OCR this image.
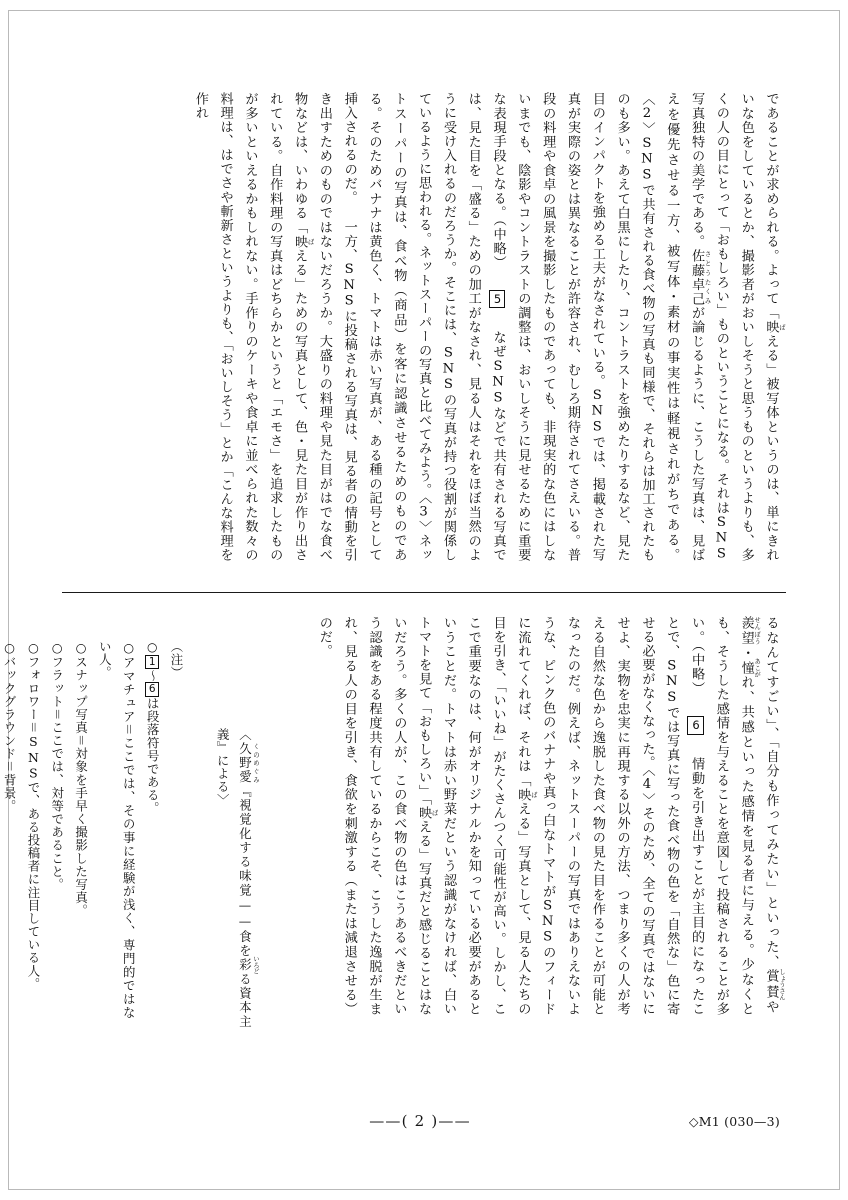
であることが求められる。よって「映 ばえる」被写体というのは、単にきれいな色をしているとか、撮影者がおいしそうと思うものというよりも、多くの人の目にとって「おもしろい」ものということになる。それはSNS写真独特の美学である。佐藤卓己 さとうたくみが論じるように、こうした写真は、見ばえを優先させる一方、被写体・素材の事実性は軽視されがちである。 〈2〉SNSで共有される食べ物の写真も同様で、それらは加工されたものも多い。あえて白黒にしたり、コントラストを強めたりするなど、見た目のインパクトを強める工夫がなされている。SNSでは、掲載された写真が実際の姿とは異なることが許容され、むしろ期待されてさえいる。普段の料理や食卓の風景を撮影したものであっても、非現実的な色にはしないまでも、陰影やコントラストの調整は、おいしそうに見せるために重要な表現手段となる。（中略） 5 なぜSNSなどで共有される写真では、見た目を「盛る」ための加工がなされ、見る人はそれをほぼ当然のように受け入れるのだろうか。そこには、SNSの写真が持つ役割が関係しているように思われる。ネットスーパーの写真と比べてみよう。〈3〉ネットスーパーの写真は、食べ物（商品）を客に認識させるためのものである。そのためバナナは黄色く、トマトは赤い写真が、ある種の記号として挿入されるのだ。 一方、SNSに投稿される写真は、見る者の情動を引き出すためのものではないだろうか。大盛りの料理や見た目がはでな食べ物などは、いわゆる「映 ばえる」ための写真として、色・見た目が作り出されている。自作料理の写真はどちらかというと「エモさ」を追求したものが多いといえるかもしれない。手作りのケーキや食卓に並べられた数々の料理は、はでさや斬新さというよりも、「おいしそう」とか「こんな料理を作れ
るなんてすごい」、「自分も作ってみたい」といった、賞賛 しょうさんや羨望 せんぼう・憧 あこがれ、共感といった感情を見る者に与える。少なくとも、そうした感情を与えることを意図して投稿されることが多い。（中略） 6 情動を引き出すことが主目的になったことで、SNSでは写真に写った食べ物の色を「自然な」色に寄せる必要がなくなった。〈4〉そのため、全ての写真ではないにせよ、実物を忠実に再現する以外の方法、つまり多くの人が考える自然な色から逸脱した食べ物の見た目を作ることが可能となったのだ。例えば、ネットスーパーの写真ではありえないような、ピンク色のバナナや真っ白なトマトがSNSのフィードに流れてくれば、それは「映 ばえる」写真として、見る人たちの目を引き、「いいね」がたくさんつく可能性が高い。しかし、ここで重要なのは、何がオリジナルかを知っている必要があるということだ。トマトは赤い野菜だという認識がなければ、白いトマトを見て「おもしろい」「映 ばえる」写真だと感じることはないだろう。多くの人が、この食べ物の色はこうあるべきだという認識をある程度共有しているからこそ、こうした逸脱が生まれ、見る人の目を引き、食欲を刺激する（または減退させる）のだ。
〈久野愛 くのめぐみ『視覚化する味覚——食を彩 いろどる資本主義』による〉
（注）
○1～6は段落符号である。
○アマチュア＝ここでは、その事に経験が浅く、専門的ではない人。
○スナップ写真＝対象を手早く撮影した写真。
○フラット＝ここでは、対等であること。
○フォロワー＝SNSで、ある投稿者に注目している人。
○バックグラウンド＝背景。
——( 2 )——	◇M1 (030—3)
